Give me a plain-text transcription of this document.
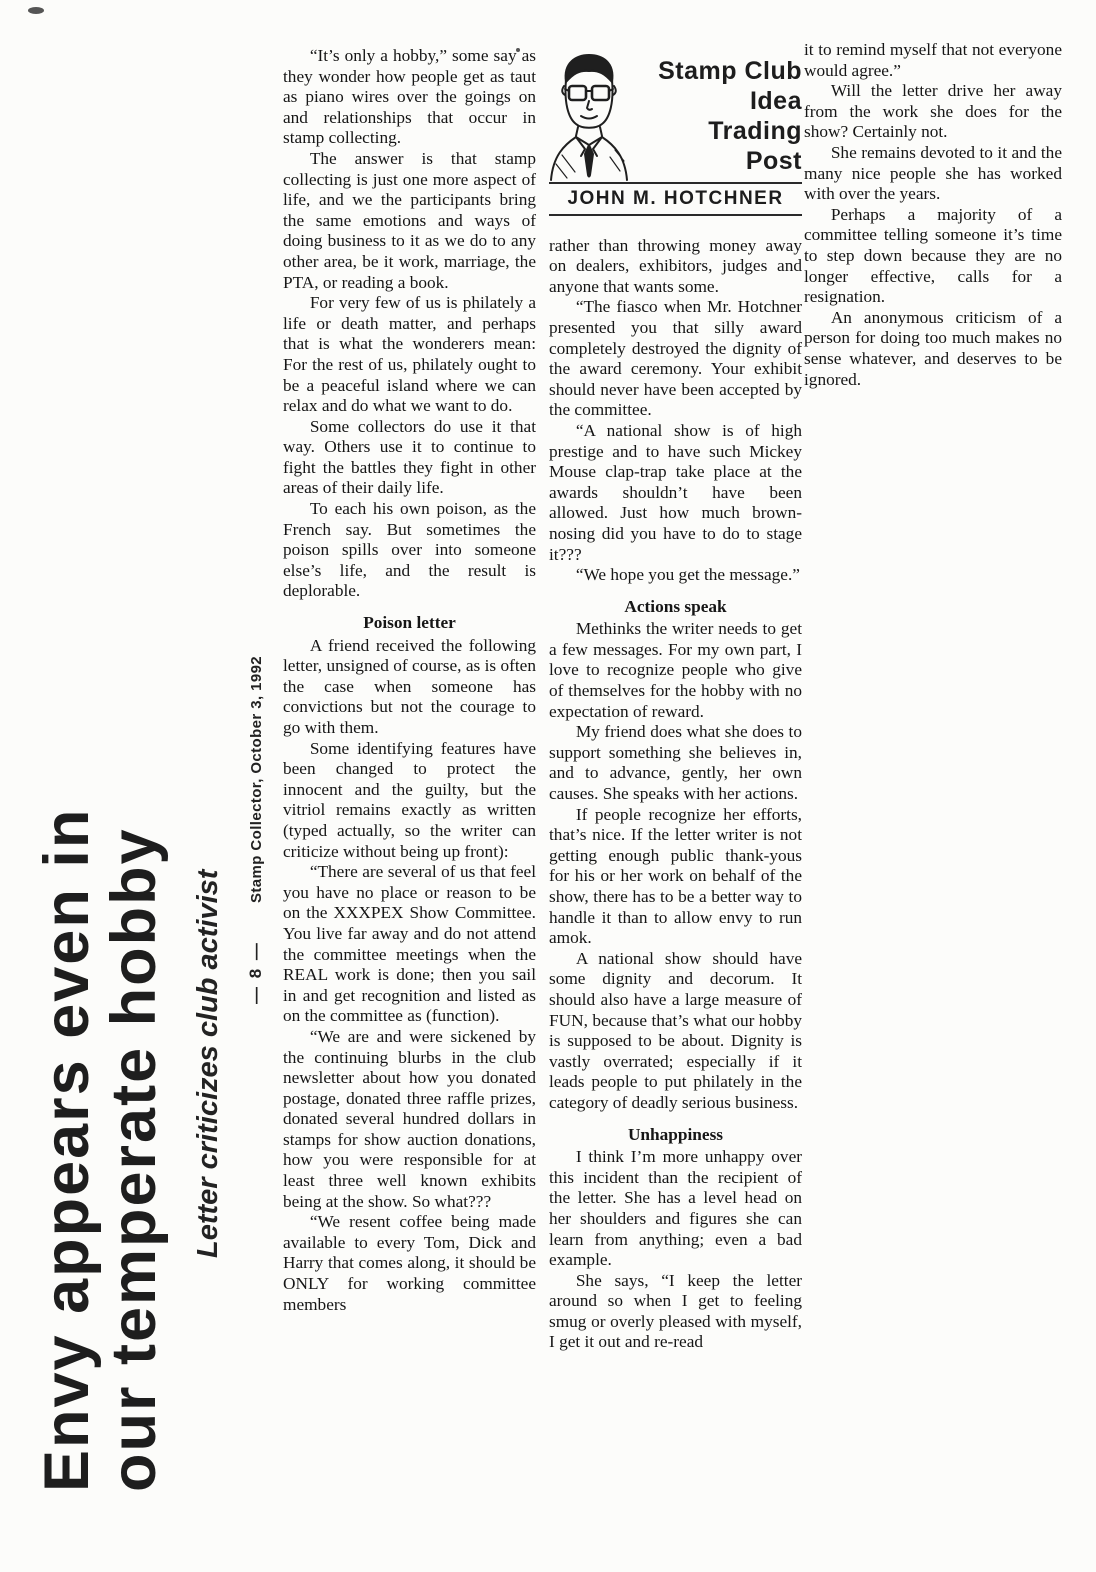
Envy appears even in
our temperate hobby Letter criticizes club activist
Stamp Collector, October 3, 1992
— 8 —

“It’s only a hobby,” some say as they wonder how people get as taut as piano wires over the goings on and relationships that occur in stamp collecting.

The answer is that stamp collecting is just one more aspect of life, and we the participants bring the same emotions and ways of doing business to it as we do to any other area, be it work, marriage, the PTA, or reading a book.

For very few of us is philately a life or death matter, and perhaps that is what the wonderers mean: For the rest of us, philately ought to be a peaceful island where we can relax and do what we want to do.

Some collectors do use it that way. Others use it to continue to fight the battles they fight in other areas of their daily life.

To each his own poison, as the French say. But sometimes the poison spills over into someone else’s life, and the result is deplorable.

Poison letter

A friend received the following letter, unsigned of course, as is often the case when someone has convictions but not the courage to go with them.

Some identifying features have been changed to protect the innocent and the guilty, but the vitriol remains exactly as written (typed actually, so the writer can criticize without being up front):

“There are several of us that feel you have no place or reason to be on the XXXPEX Show Committee. You live far away and do not attend the committee meetings when the REAL work is done; then you sail in and get recognition and listed as on the committee as (function).

“We are and were sickened by the continuing blurbs in the club newsletter about how you donated postage, donated three raffle prizes, donated several hundred dollars in stamps for show auction donations, how you were responsible for at least three well known exhibits being at the show. So what???

“We resent coffee being made available to every Tom, Dick and Harry that comes along, it should be ONLY for working committee members

Stamp Club
Idea
Trading
Post
JOHN M. HOTCHNER

rather than throwing money away on dealers, exhibitors, judges and anyone that wants some.

“The fiasco when Mr. Hotchner presented you that silly award completely destroyed the dignity of the award ceremony. Your exhibit should never have been accepted by the committee.

“A national show is of high prestige and to have such Mickey Mouse clap-trap take place at the awards shouldn’t have been allowed. Just how much brown-nosing did you have to do to stage it???

“We hope you get the message.”

Actions speak

Methinks the writer needs to get a few messages. For my own part, I love to recognize people who give of themselves for the hobby with no expectation of reward.

My friend does what she does to support something she believes in, and to advance, gently, her own causes. She speaks with her actions.

If people recognize her efforts, that’s nice. If the letter writer is not getting enough public thank-yous for his or her work on behalf of the show, there has to be a better way to handle it than to allow envy to run amok.

A national show should have some dignity and decorum. It should also have a large measure of FUN, because that’s what our hobby is supposed to be about. Dignity is vastly overrated; especially if it leads people to put philately in the category of deadly serious business.

Unhappiness

I think I’m more unhappy over this incident than the recipient of the letter. She has a level head on her shoulders and figures she can learn from anything; even a bad example.

She says, “I keep the letter around so when I get to feeling smug or overly pleased with myself, I get it out and re-read

it to remind myself that not everyone would agree.”

Will the letter drive her away from the work she does for the show? Certainly not.

She remains devoted to it and the many nice people she has worked with over the years.

Perhaps a majority of a committee telling someone it’s time to step down because they are no longer effective, calls for a resignation.

An anonymous criticism of a person for doing too much makes no sense whatever, and deserves to be ignored.
